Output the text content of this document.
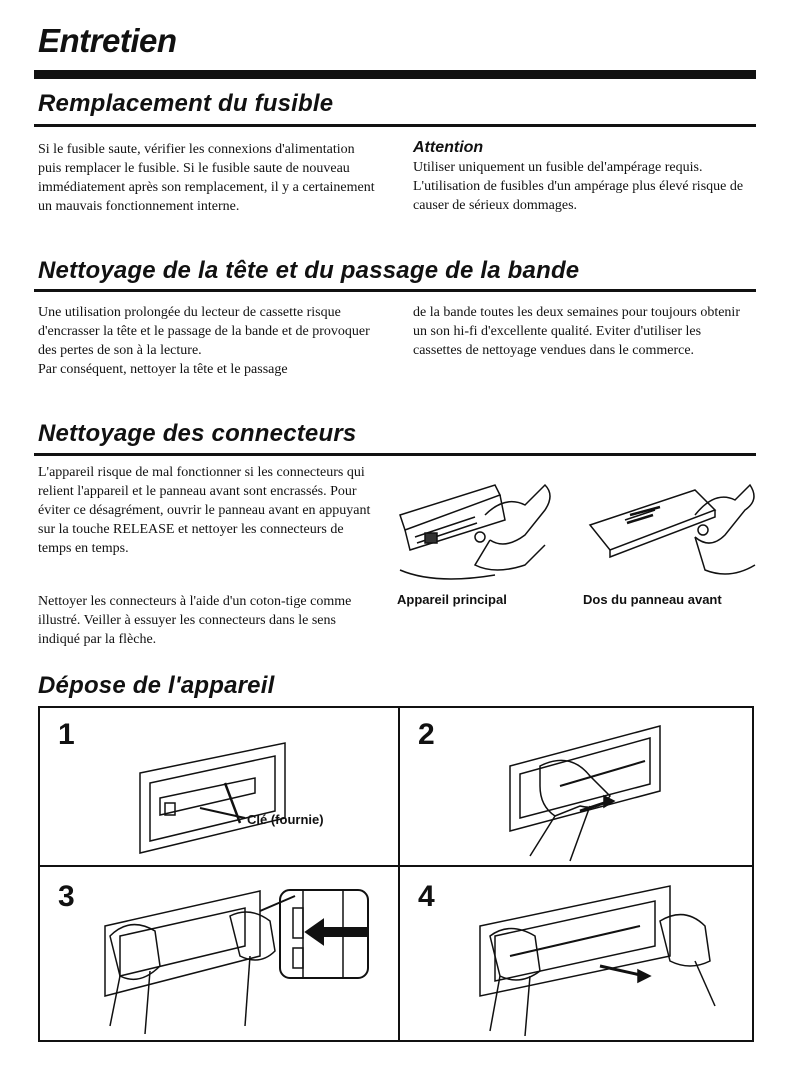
Entretien
Remplacement du fusible

Si le fusible saute, vérifier les connexions d'alimentation puis remplacer le fusible. Si le fusible saute de nouveau immédiatement après son remplacement, il y a certainement un mauvais fonctionnement interne.

Attention

Utiliser uniquement un fusible del'ampérage requis. L'utilisation de fusibles d'un ampérage plus élevé risque de causer de sérieux dommages.

Nettoyage de la tête et du passage de la bande

Une utilisation prolongée du lecteur de cassette risque d'encrasser la tête et le passage de la bande et de provoquer des pertes de son à la lecture.
Par conséquent, nettoyer la tête et le passage

de la bande toutes les deux semaines pour toujours obtenir un son hi-fi d'excellente qualité. Eviter d'utiliser les cassettes de nettoyage vendues dans le commerce.

Nettoyage des connecteurs

L'appareil risque de mal fonctionner si les connecteurs qui relient l'appareil et le panneau avant sont encrassés. Pour éviter ce désagrément, ouvrir le panneau avant en appuyant sur la touche RELEASE et nettoyer les connecteurs de temps en temps.

Nettoyer les connecteurs à l'aide d'un coton-tige comme illustré. Veiller à essuyer les connecteurs dans le sens indiqué par la flèche.

Appareil principal	Dos du panneau avant

Dépose de l'appareil

1

Clé (fournie)

2

3	4
